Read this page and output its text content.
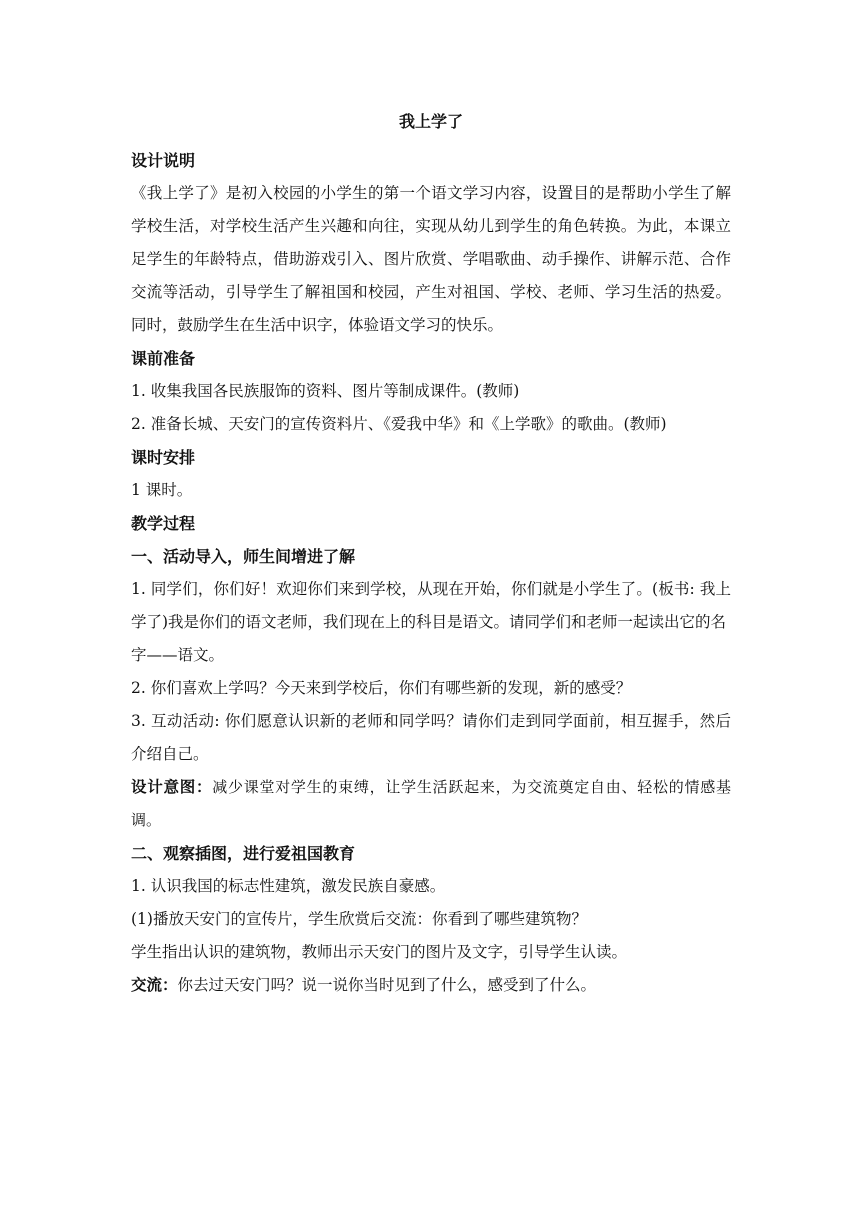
我上学了
设计说明

《我上学了》是初入校园的小学生的第一个语文学习内容，设置目的是帮助小学生了解学校生活，对学校生活产生兴趣和向往，实现从幼儿到学生的角色转换。为此，本课立足学生的年龄特点，借助游戏引入、图片欣赏、学唱歌曲、动手操作、讲解示范、合作交流等活动，引导学生了解祖国和校园，产生对祖国、学校、老师、学习生活的热爱。同时，鼓励学生在生活中识字，体验语文学习的快乐。

课前准备

1. 收集我国各民族服饰的资料、图片等制成课件。(教师)

2. 准备长城、天安门的宣传资料片、《爱我中华》和《上学歌》的歌曲。(教师)

课时安排

1 课时。

教学过程
一、活动导入，师生间增进了解

1. 同学们，你们好！欢迎你们来到学校，从现在开始，你们就是小学生了。(板书: 我上学了)我是你们的语文老师，我们现在上的科目是语文。请同学们和老师一起读出它的名

字——语文。

2. 你们喜欢上学吗？今天来到学校后，你们有哪些新的发现，新的感受？

3. 互动活动: 你们愿意认识新的老师和同学吗？请你们走到同学面前，相互握手，然后介绍自己。

设计意图：减少课堂对学生的束缚，让学生活跃起来，为交流奠定自由、轻松的情感基调。

二、观察插图，进行爱祖国教育

1. 认识我国的标志性建筑，激发民族自豪感。

(1)播放天安门的宣传片，学生欣赏后交流：你看到了哪些建筑物？

学生指出认识的建筑物，教师出示天安门的图片及文字，引导学生认读。

交流：你去过天安门吗？说一说你当时见到了什么，感受到了什么。
